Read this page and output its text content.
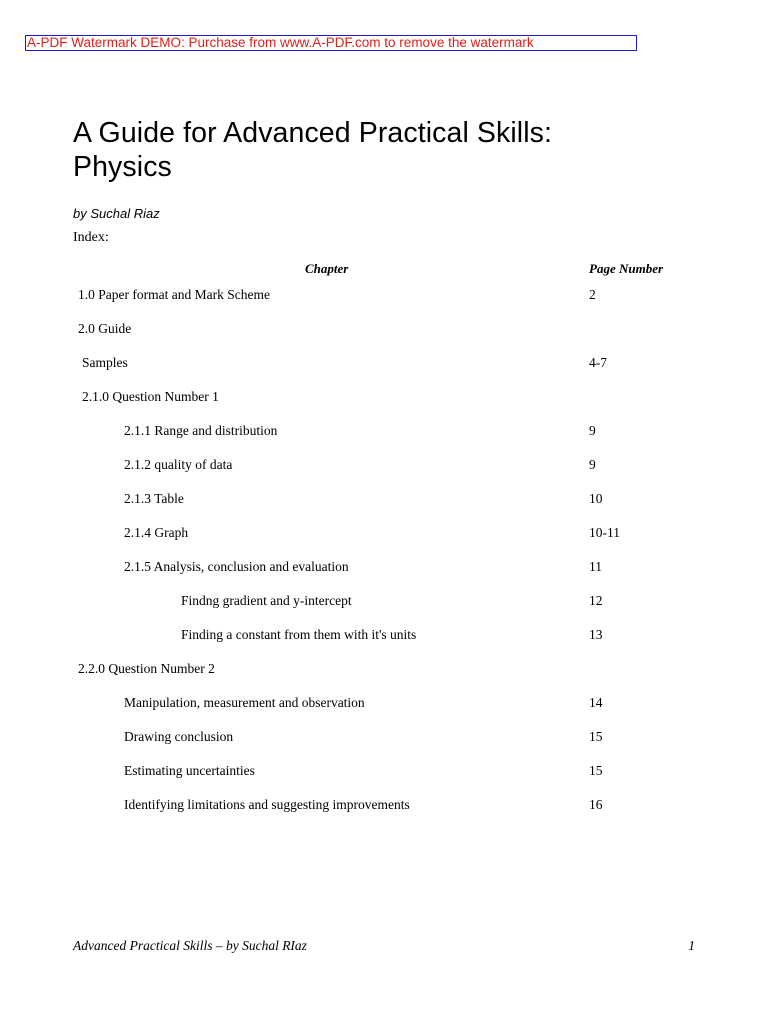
A-PDF Watermark DEMO: Purchase from www.A-PDF.com to remove the watermark
A Guide for Advanced Practical Skills:
Physics
by Suchal Riaz
Index:
Chapter	Page Number
1.0 Paper format and Mark Scheme	2
2.0 Guide
Samples	4-7
2.1.0 Question Number 1
2.1.1 Range and distribution	9
2.1.2 quality of data	9
2.1.3 Table	10
2.1.4 Graph	10-11
2.1.5 Analysis, conclusion and evaluation	11
Findng gradient and y-intercept	12
Finding a constant from them with it's units	13
2.2.0 Question Number 2
Manipulation, measurement and observation	14
Drawing conclusion	15
Estimating uncertainties	15
Identifying limitations and suggesting improvements	16
Advanced Practical Skills – by Suchal RIaz	1
